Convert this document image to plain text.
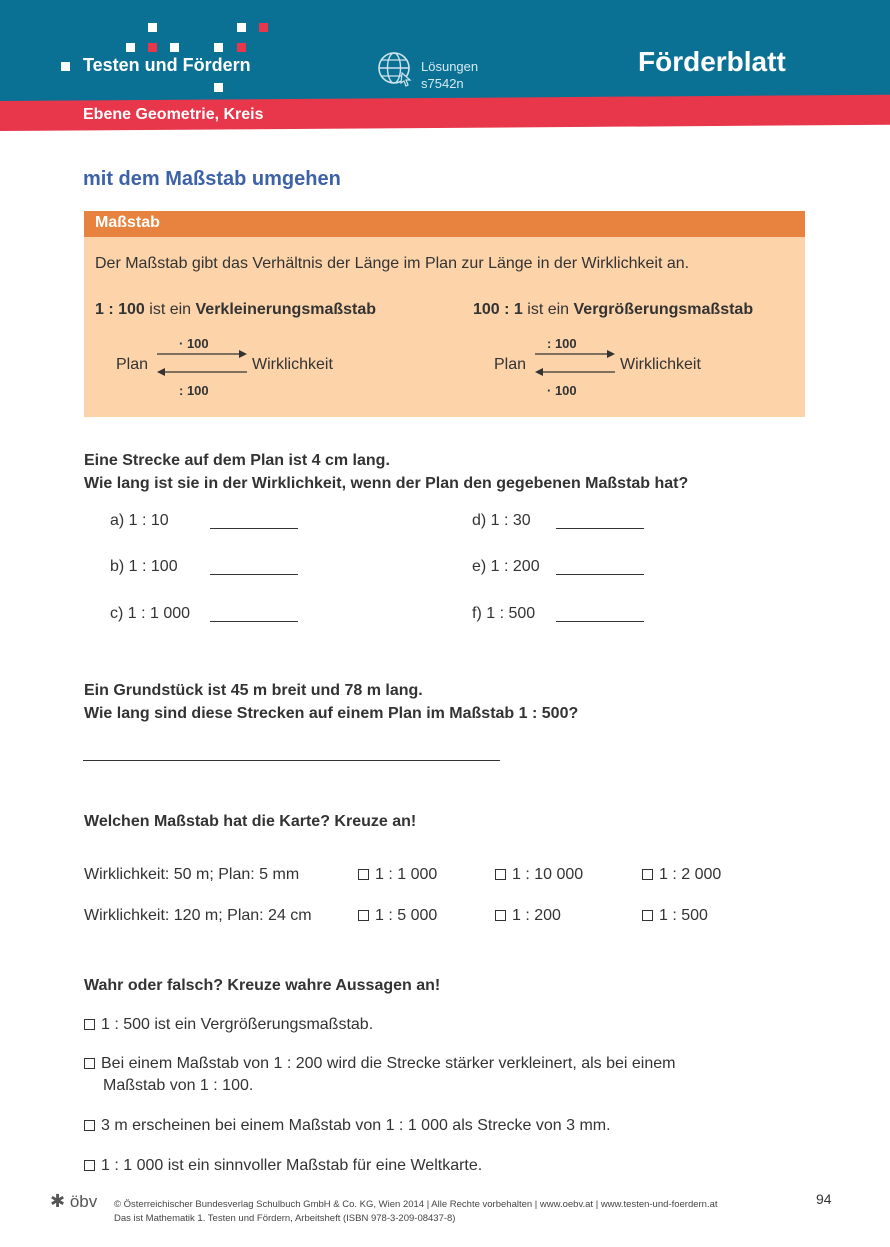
Testen und Fördern	Lösungen
s7542n
Förderblatt
Ebene Geometrie, Kreis
mit dem Maßstab umgehen
Maßstab
Der Maßstab gibt das Verhältnis der Länge im Plan zur Länge in der Wirklichkeit an.
1 : 100 ist ein Verkleinerungsmaßstab	100 : 1 ist ein Vergrößerungsmaßstab
· 100
Plan	Wirklichkeit
: 100
: 100
Plan	Wirklichkeit
· 100
Eine Strecke auf dem Plan ist 4 cm lang.
Wie lang ist sie in der Wirklichkeit, wenn der Plan den gegebenen Maßstab hat?
a) 1 : 10
b) 1 : 100
c) 1 : 1 000
d) 1 : 30
e) 1 : 200
f) 1 : 500
Ein Grundstück ist 45 m breit und 78 m lang.
Wie lang sind diese Strecken auf einem Plan im Maßstab 1 : 500?
Welchen Maßstab hat die Karte? Kreuze an!
Wirklichkeit: 50 m; Plan: 5 mm	1 : 1 000	1 : 10 000	1 : 2 000
Wirklichkeit: 120 m; Plan: 24 cm	1 : 5 000	1 : 200	1 : 500
Wahr oder falsch? Kreuze wahre Aussagen an!
1 : 500 ist ein Vergrößerungsmaßstab.
Bei einem Maßstab von 1 : 200 wird die Strecke stärker verkleinert, als bei einem
Maßstab von 1 : 100.
3 m erscheinen bei einem Maßstab von 1 : 1 000 als Strecke von 3 mm.
1 : 1 000 ist ein sinnvoller Maßstab für eine Weltkarte.
✱ öbv © Österreichischer Bundesverlag Schulbuch GmbH & Co. KG, Wien 2014 | Alle Rechte vorbehalten | www.oebv.at | www.testen-und-foerdern.at
Das ist Mathematik 1. Testen und Fördern, Arbeitsheft (ISBN 978-3-209-08437-8)
94
